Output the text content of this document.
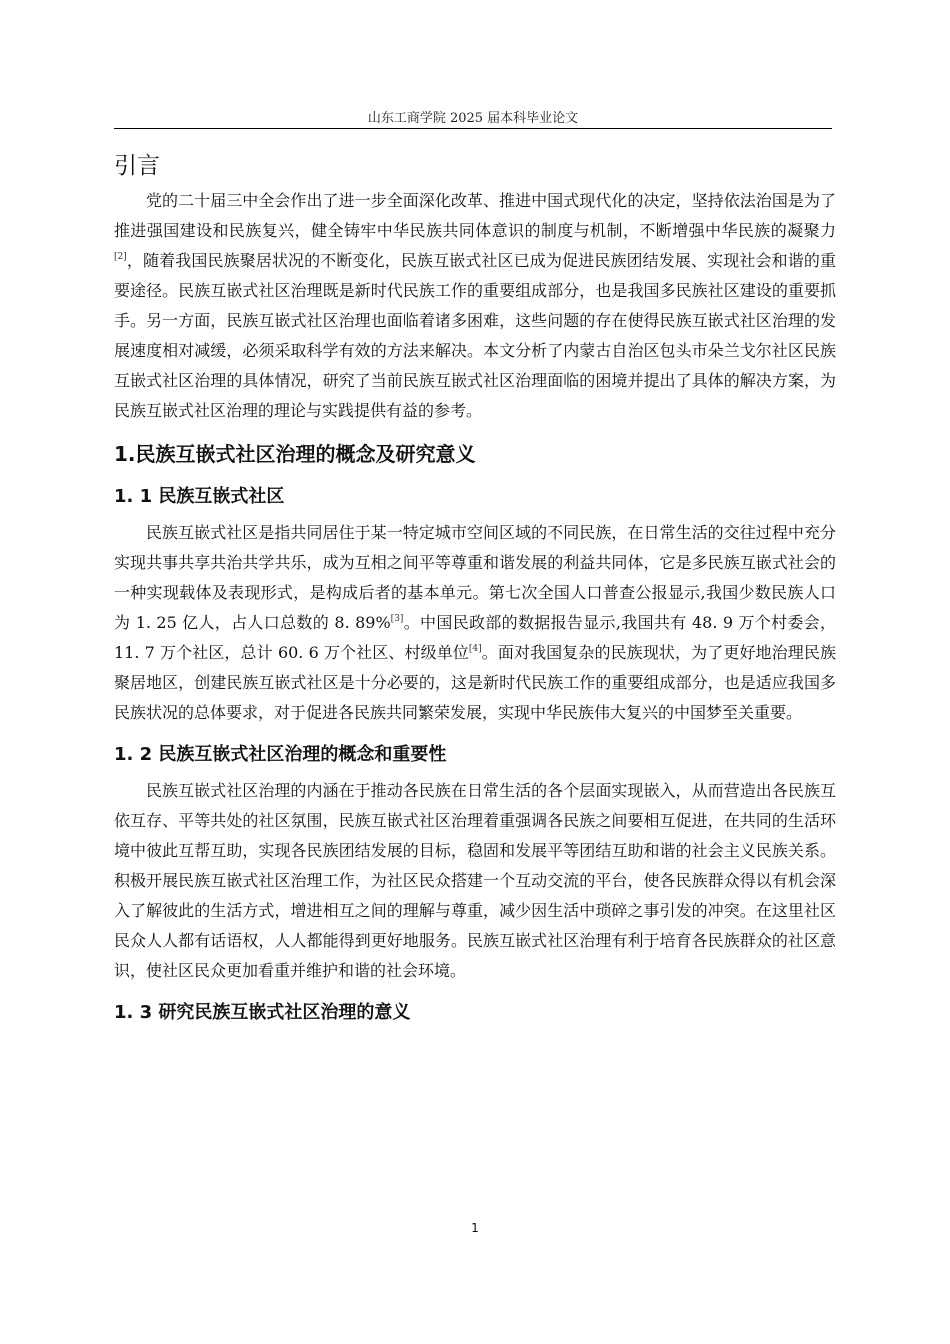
山东工商学院 2025 届本科毕业论文
引言

党的二十届三中全会作出了进一步全面深化改革、推进中国式现代化的决定，坚持依法治国是为了推进强国建设和民族复兴，健全铸牢中华民族共同体意识的制度与机制，不断增强中华民族的凝聚力[2]，随着我国民族聚居状况的不断变化，民族互嵌式社区已成为促进民族团结发展、实现社会和谐的重要途径。民族互嵌式社区治理既是新时代民族工作的重要组成部分，也是我国多民族社区建设的重要抓手。另一方面，民族互嵌式社区治理也面临着诸多困难，这些问题的存在使得民族互嵌式社区治理的发展速度相对减缓，必须采取科学有效的方法来解决。本文分析了内蒙古自治区包头市朵兰戈尔社区民族互嵌式社区治理的具体情况，研究了当前民族互嵌式社区治理面临的困境并提出了具体的解决方案，为民族互嵌式社区治理的理论与实践提供有益的参考。

1.民族互嵌式社区治理的概念及研究意义
1. 1 民族互嵌式社区

民族互嵌式社区是指共同居住于某一特定城市空间区域的不同民族，在日常生活的交往过程中充分实现共事共享共治共学共乐，成为互相之间平等尊重和谐发展的利益共同体，它是多民族互嵌式社会的一种实现载体及表现形式，是构成后者的基本单元。第七次全国人口普查公报显示,我国少数民族人口为 1. 25 亿人，占人口总数的 8. 89%[3]。中国民政部的数据报告显示,我国共有 48. 9 万个村委会，11. 7 万个社区，总计 60. 6 万个社区、村级单位[4]。面对我国复杂的民族现状，为了更好地治理民族聚居地区，创建民族互嵌式社区是十分必要的，这是新时代民族工作的重要组成部分，也是适应我国多民族状况的总体要求，对于促进各民族共同繁荣发展，实现中华民族伟大复兴的中国梦至关重要。

1. 2 民族互嵌式社区治理的概念和重要性

民族互嵌式社区治理的内涵在于推动各民族在日常生活的各个层面实现嵌入，从而营造出各民族互依互存、平等共处的社区氛围，民族互嵌式社区治理着重强调各民族之间要相互促进，在共同的生活环境中彼此互帮互助，实现各民族团结发展的目标，稳固和发展平等团结互助和谐的社会主义民族关系。积极开展民族互嵌式社区治理工作，为社区民众搭建一个互动交流的平台，使各民族群众得以有机会深入了解彼此的生活方式，增进相互之间的理解与尊重，减少因生活中琐碎之事引发的冲突。在这里社区民众人人都有话语权，人人都能得到更好地服务。民族互嵌式社区治理有利于培育各民族群众的社区意识，使社区民众更加看重并维护和谐的社会环境。

1. 3 研究民族互嵌式社区治理的意义
1
